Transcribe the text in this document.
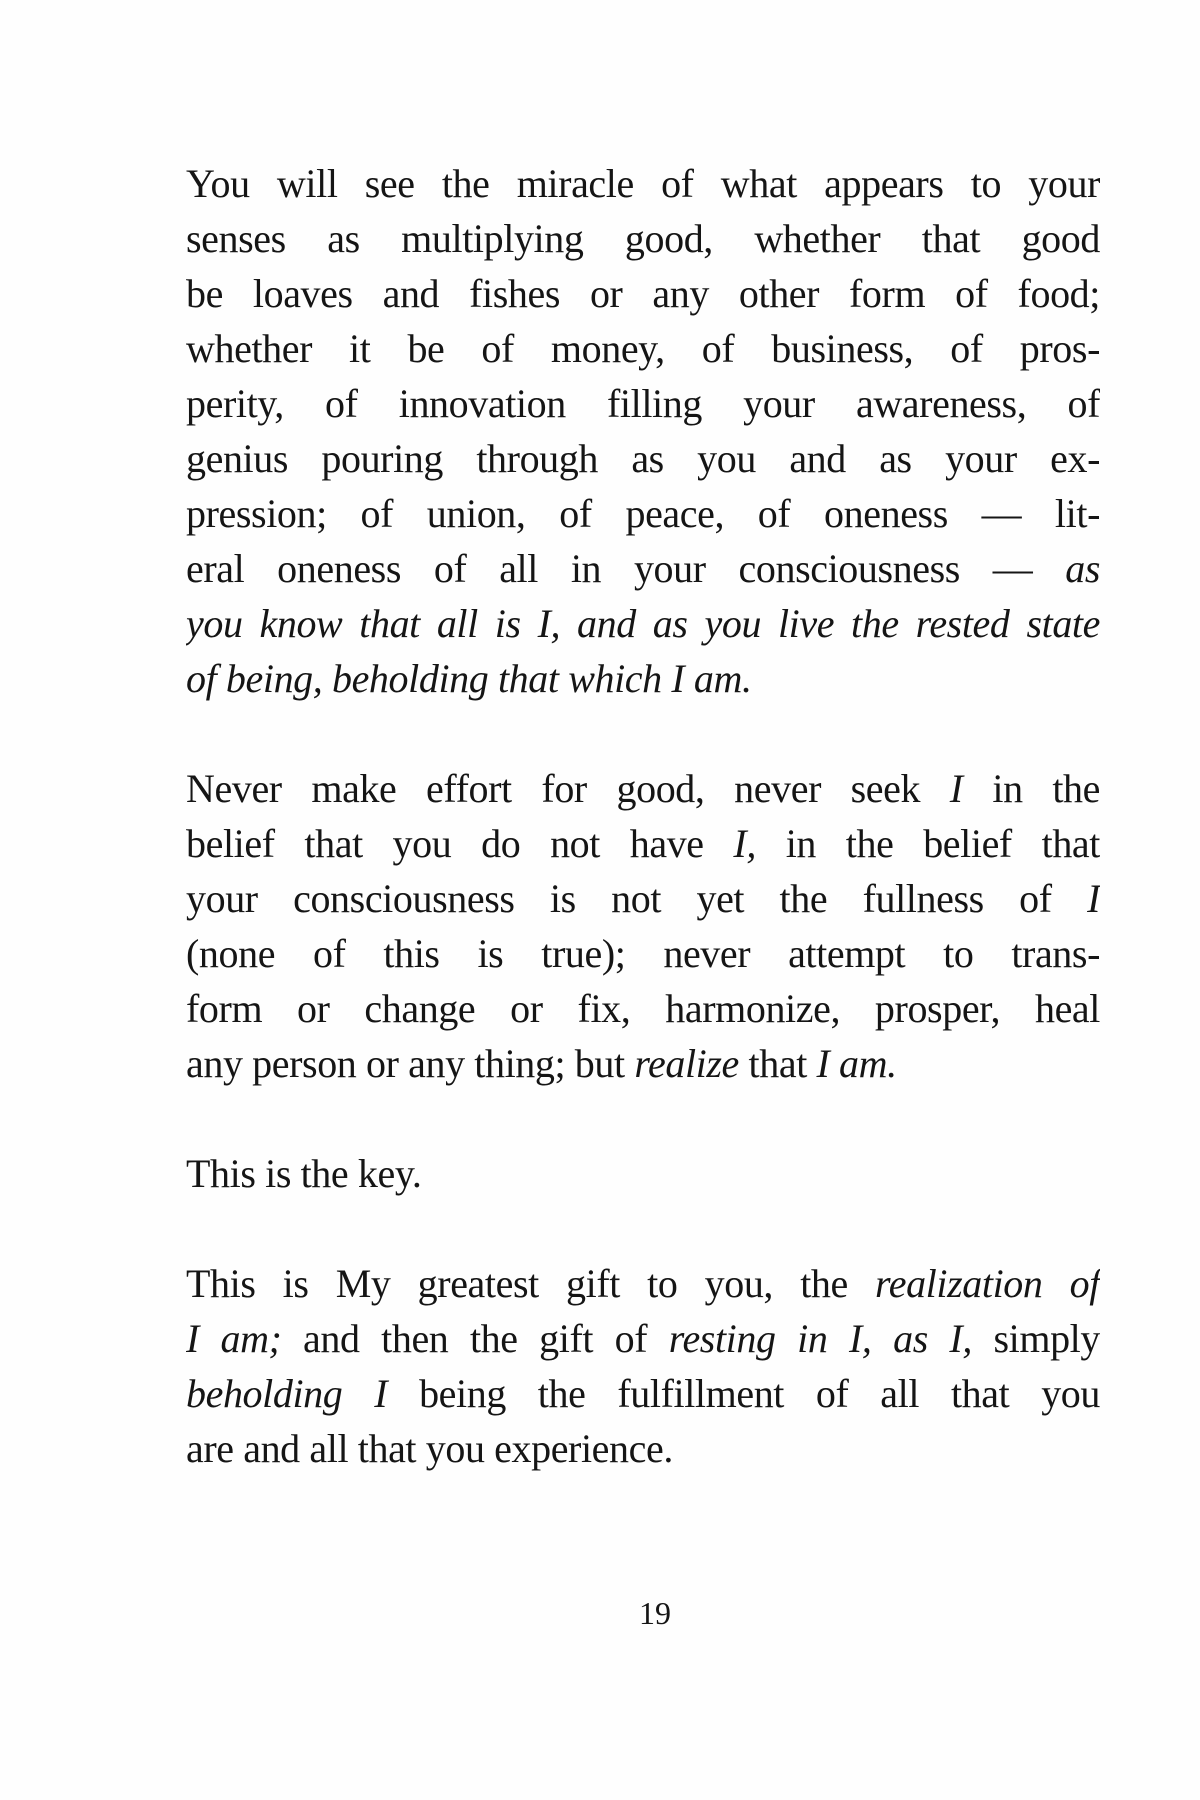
You will see the miracle of what appears to your
senses as multiplying good, whether that good
be loaves and fishes or any other form of food;
whether it be of money, of business, of pros-
perity, of innovation filling your awareness, of
genius pouring through as you and as your ex-
pression; of union, of peace, of oneness — lit-
eral oneness of all in your consciousness — as
you know that all is I, and as you live the rested state
of being, beholding that which I am.
Never make effort for good, never seek I in the
belief that you do not have I, in the belief that
your consciousness is not yet the fullness of I
(none of this is true); never attempt to trans-
form or change or fix, harmonize, prosper, heal
any person or any thing; but realize that I am.
This is the key.
This is My greatest gift to you, the realization of
I am; and then the gift of resting in I, as I, simply
beholding I being the fulfillment of all that you
are and all that you experience.
19
